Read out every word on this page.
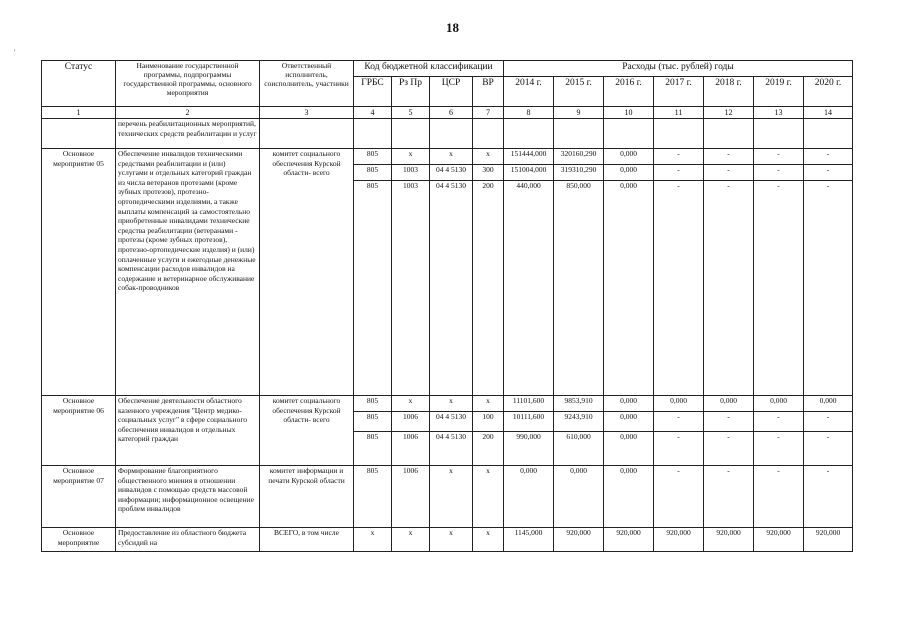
18
'
Статус	Наименование государственной программы, подпрограммы государственной программы, основного мероприятия	Ответственный исполнитель, соисполнитель, участники	Код бюджетной классификации				Расходы (тыс. рублей) годы						
			ГРБС	Рз Пр	ЦСР	ВР	2014 г.	2015 г.	2016 г.	2017 г.	2018 г.	2019 г.	2020 г.
1	2	3	4	5	6	7	8	9	10	11	12	13	14
	перечень реабилитационных мероприятий, технических средств реабилитации и услуг												
Основное мероприятие 05	Обеспечение инвалидов техническими средствами реабилитации и (или) услугами и отдельных категорий граждан из числа ветеранов протезами (кроме зубных протезов), протезно-ортопедическими изделиями, а также выплаты компенсаций за самостоятельно приобретенные инвалидами технические средства реабилитации (ветеранами - протезы (кроме зубных протезов), протезно-ортопедические изделия) и (или) оплаченные услуги и ежегодные денежные компенсации расходов инвалидов на содержание и ветеринарное обслуживание собак-проводников	комитет социального обеспечения Курской области- всего	805	x	x	x	151444,000	320160,290	0,000	-	-	-	-
			805	1003	04 4 5130	300	151004,000	319310,290	0,000	-	-	-	-
			805	1003	04 4 5130	200	440,000	850,000	0,000	-	-	-	-
Основное мероприятие 06	Обеспечение деятельности областного казенного учреждения "Центр медико-социальных услуг" в сфере социального обеспечения инвалидов и отдельных категорий граждан	комитет социального обеспечения Курской области- всего	805	x	x	x	11101,600	9853,910	0,000	0,000	0,000	0,000	0,000
			805	1006	04 4 5130	100	10111,600	9243,910	0,000	-	-	-	-
			805	1006	04 4 5130	200	990,000	610,000	0,000	-	-	-	-
Основное мероприятие 07	Формирование благоприятного общественного мнения в отношении инвалидов с помощью средств массовой информации; информационное освещение проблем инвалидов	комитет информации и печати Курской области	805	1006	x	x	0,000	0,000	0,000	-	-	-	-
Основное мероприятие	Предоставление из областного бюджета субсидий на	ВСЕГО, в том числе	x	x	x	x	1145,000	920,000	920,000	920,000	920,000	920,000	920,000
